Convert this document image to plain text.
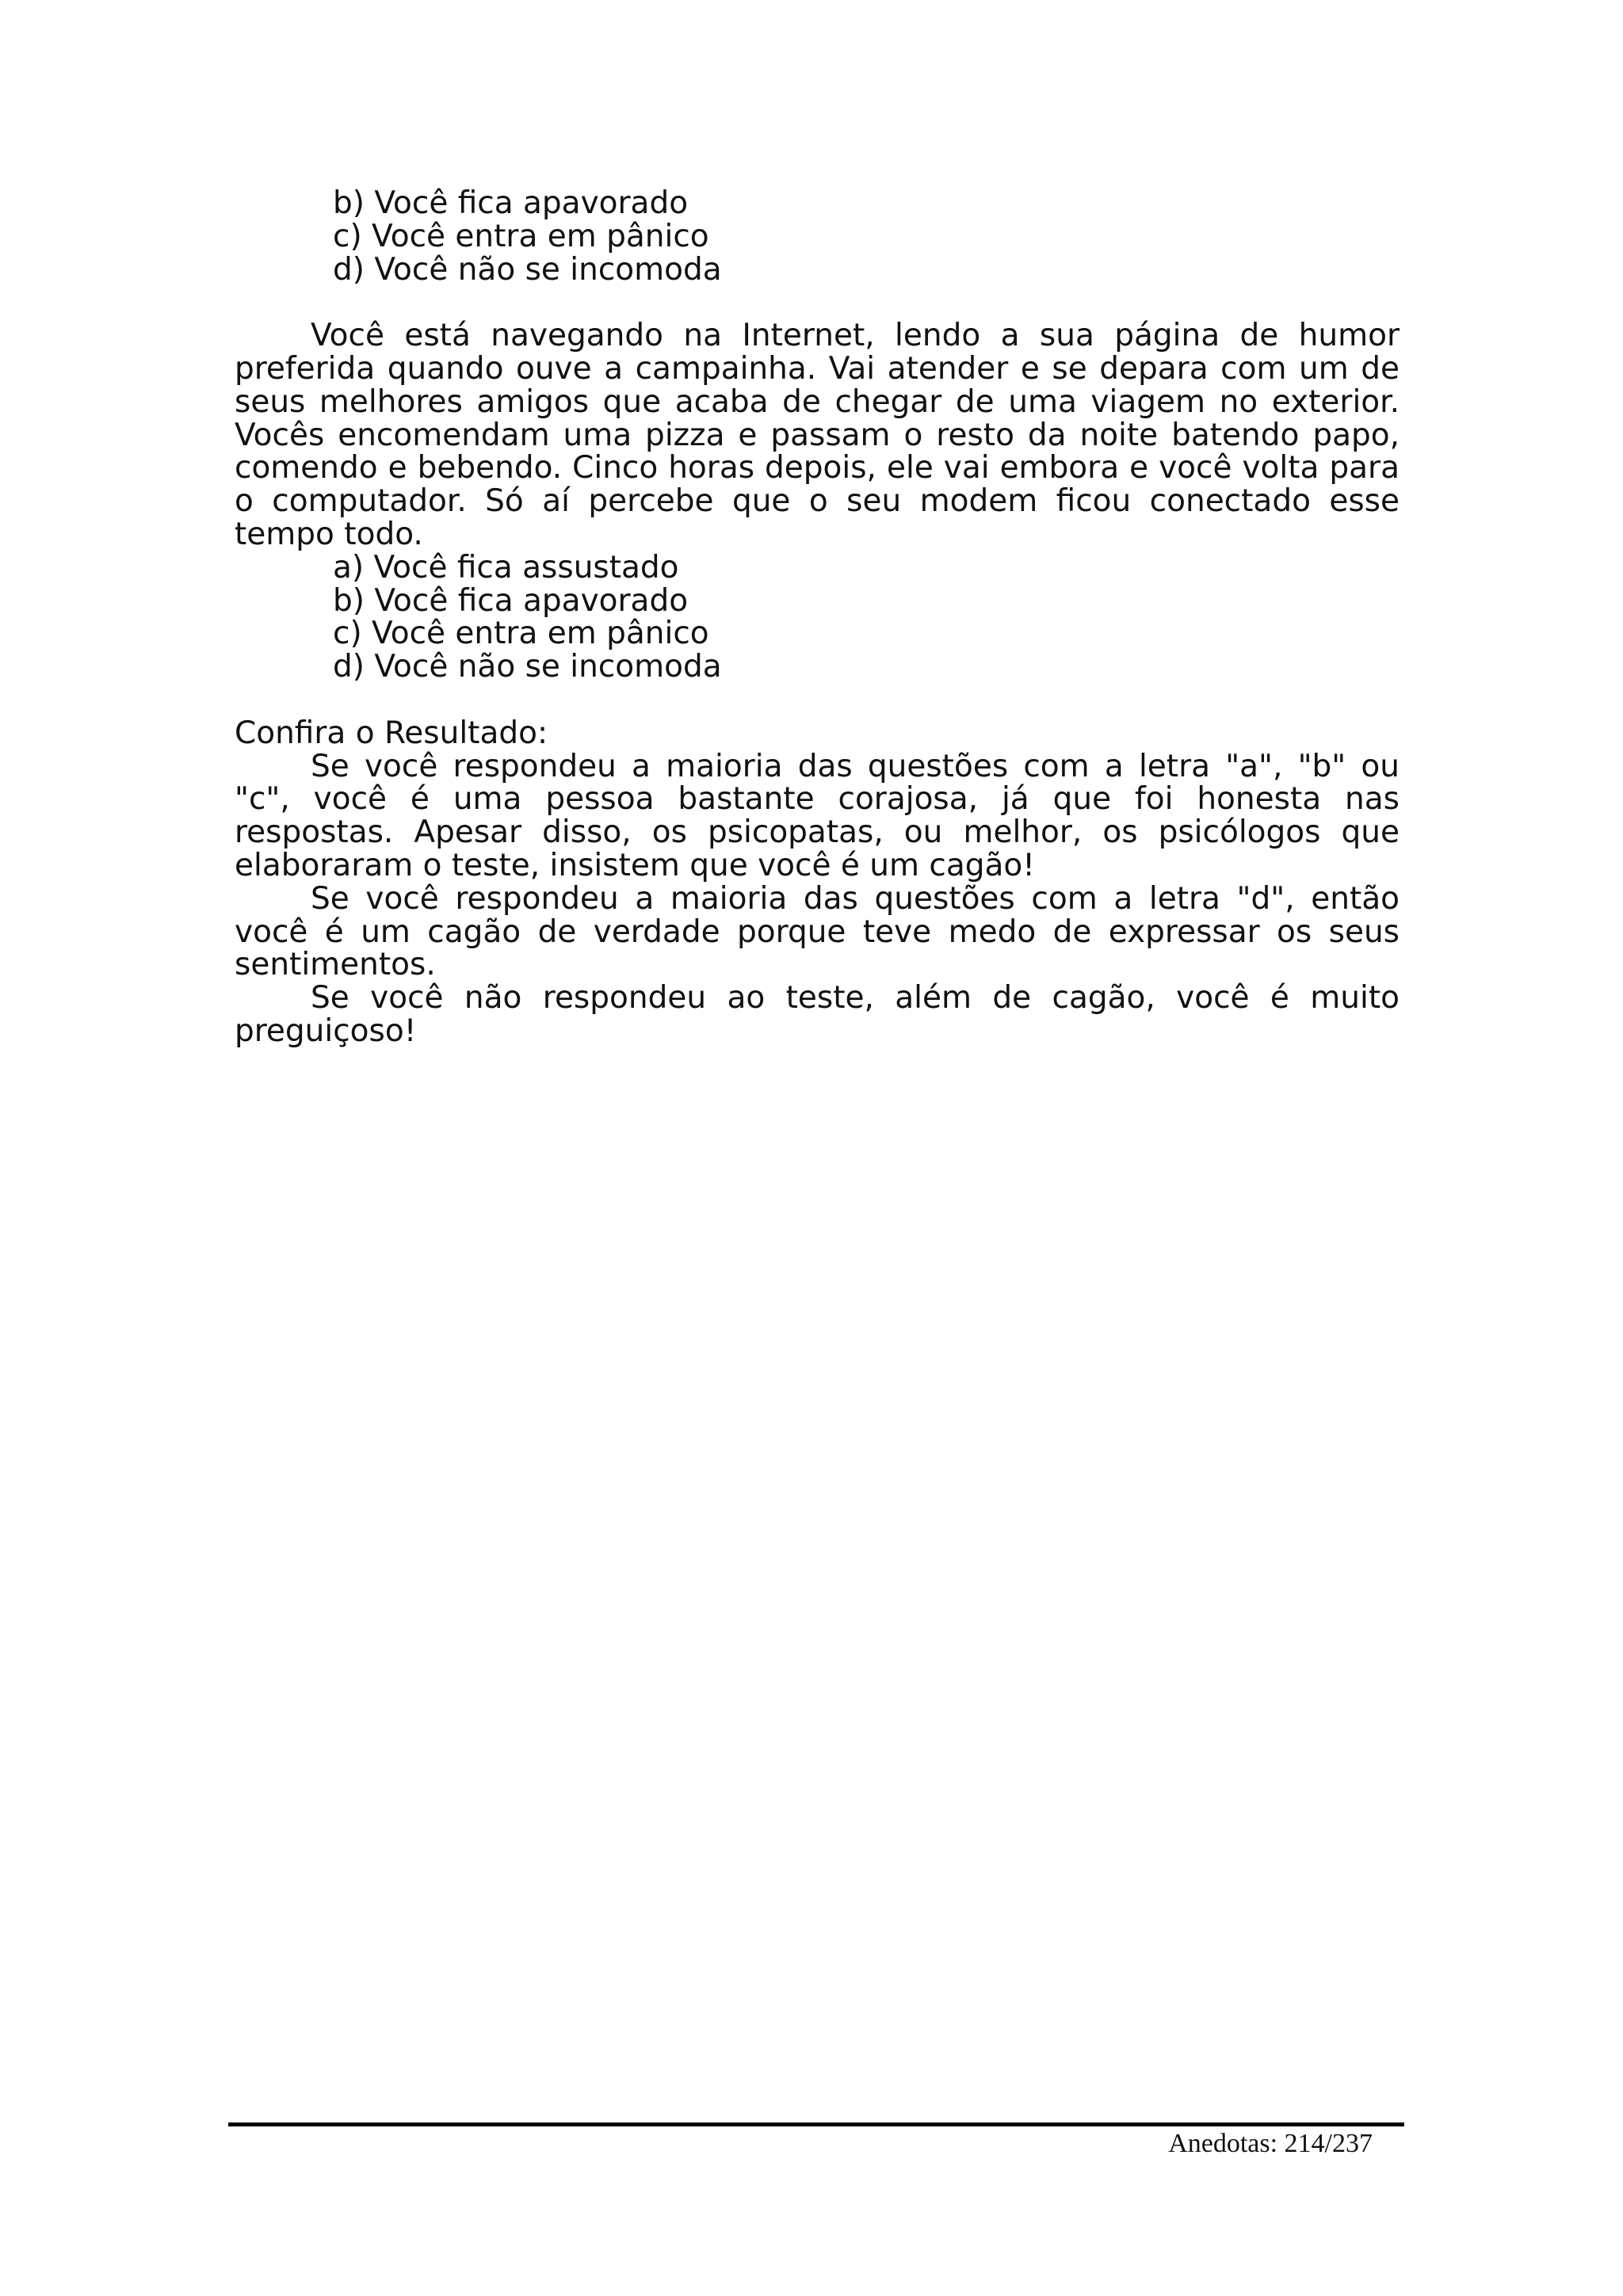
b) Você fica apavorado

c) Você entra em pânico

d) Você não se incomoda

Você está navegando na Internet, lendo a sua página de humor preferida quando ouve a campainha. Vai atender e se depara com um de seus melhores amigos que acaba de chegar de uma viagem no exterior. Vocês encomendam uma pizza e passam o resto da noite batendo papo, comendo e bebendo. Cinco horas depois, ele vai embora e você volta para o computador. Só aí percebe que o seu modem ficou conectado esse tempo todo.

a) Você fica assustado

b) Você fica apavorado

c) Você entra em pânico

d) Você não se incomoda

Confira o Resultado:

Se você respondeu a maioria das questões com a letra "a", "b" ou "c", você é uma pessoa bastante corajosa, já que foi honesta nas respostas. Apesar disso, os psicopatas, ou melhor, os psicólogos que elaboraram o teste, insistem que você é um cagão!

Se você respondeu a maioria das questões com a letra "d", então você é um cagão de verdade porque teve medo de expressar os seus sentimentos.

Se você não respondeu ao teste, além de cagão, você é muito preguiçoso!

Anedotas: 214/237
